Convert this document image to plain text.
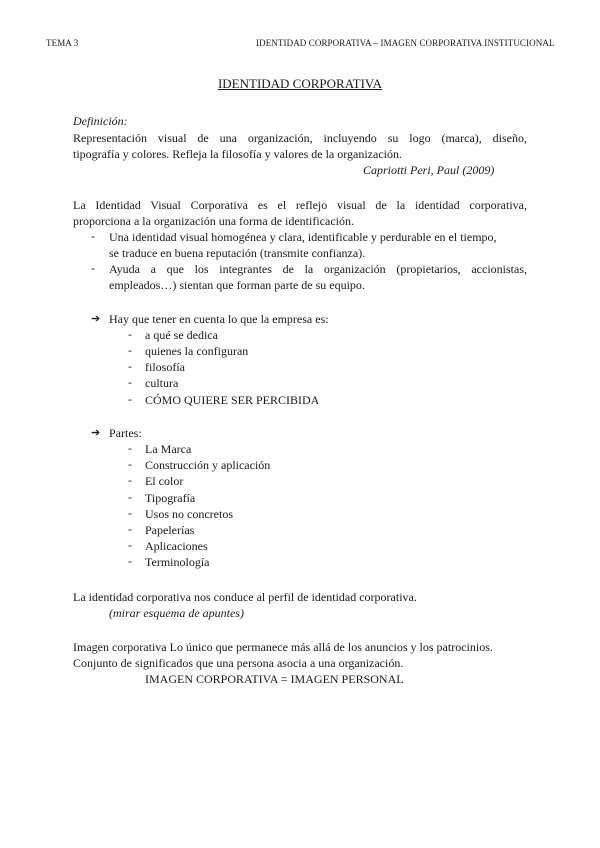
TEMA 3	IDENTIDAD CORPORATIVA – IMAGEN CORPORATIVA INSTITUCIONAL
IDENTIDAD CORPORATIVA
Definición:
Representación visual de una organización, incluyendo su logo (marca), diseño,
tipografía y colores. Refleja la filosofía y valores de la organización.
Capriotti Peri, Paul (2009)
La Identidad Visual Corporativa es el reflejo visual de la identidad corporativa,
proporciona a la organización una forma de identificación.
- Una identidad visual homogénea y clara, identificable y perdurable en el tiempo,
se traduce en buena reputación (transmite confianza).
- Ayuda a que los integrantes de la organización (propietarios, accionistas,
empleados…) sientan que forman parte de su equipo.
➔ Hay que tener en cuenta lo que la empresa es:
- a qué se dedica
- quienes la configuran
- filosofía
- cultura
- CÓMO QUIERE SER PERCIBIDA
➔ Partes:
- La Marca
- Construcción y aplicación
- El color
- Tipografía
- Usos no concretos
- Papelerías
- Aplicaciones
- Terminología
La identidad corporativa nos conduce al perfil de identidad corporativa.
(mirar esquema de apuntes)
Imagen corporativa Lo único que permanece más allá de los anuncios y los patrocinios.
Conjunto de significados que una persona asocia a una organización.
IMAGEN CORPORATIVA = IMAGEN PERSONAL
